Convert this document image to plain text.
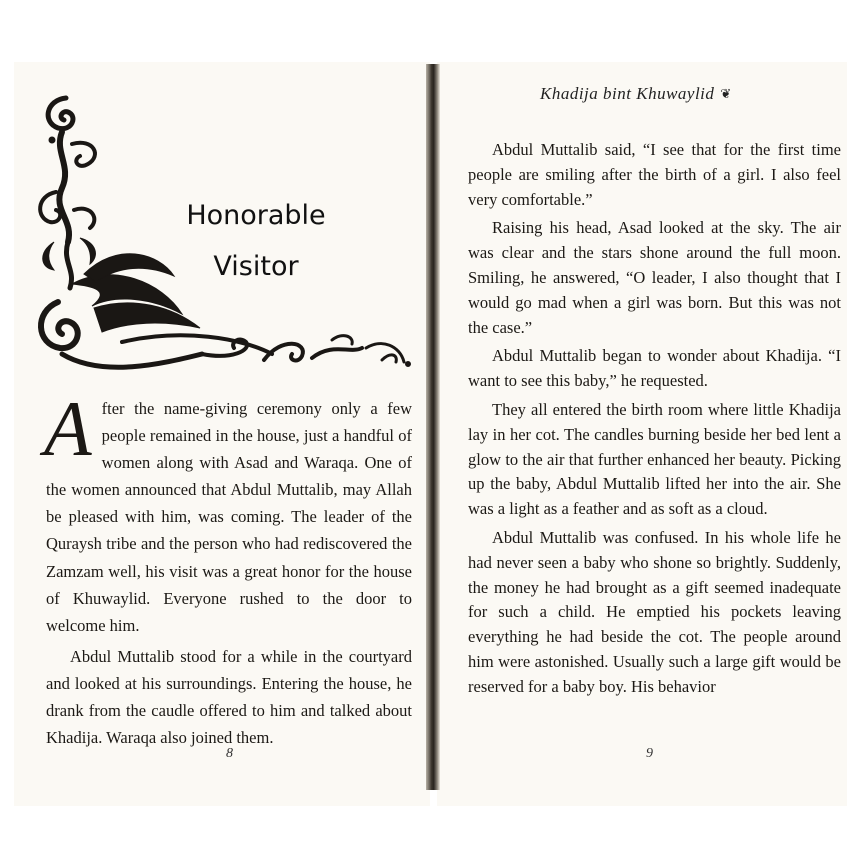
Honorable
Visitor

After the name-giving ceremony only a few people remained in the house, just a handful of women along with Asad and Waraqa. One of the women announced that Abdul Muttalib, may Allah be pleased with him, was coming. The leader of the Quraysh tribe and the person who had rediscovered the Zamzam well, his visit was a great honor for the house of Khuwaylid. Everyone rushed to the door to welcome him.

Abdul Muttalib stood for a while in the courtyard and looked at his surroundings. Entering the house, he drank from the caudle offered to him and talked about Khadija. Waraqa also joined them.

8
Khadija bint Khuwaylid ❦

Abdul Muttalib said, “I see that for the first time people are smiling after the birth of a girl. I also feel very comfortable.”

Raising his head, Asad looked at the sky. The air was clear and the stars shone around the full moon. Smiling, he answered, “O leader, I also thought that I would go mad when a girl was born. But this was not the case.”

Abdul Muttalib began to wonder about Khadija. “I want to see this baby,” he requested.

They all entered the birth room where little Khadija lay in her cot. The candles burning beside her bed lent a glow to the air that further enhanced her beauty. Picking up the baby, Abdul Muttalib lifted her into the air. She was a light as a feather and as soft as a cloud.

Abdul Muttalib was confused. In his whole life he had never seen a baby who shone so brightly. Suddenly, the money he had brought as a gift seemed inadequate for such a child. He emptied his pockets leaving everything he had beside the cot. The people around him were astonished. Usually such a large gift would be reserved for a baby boy. His behavior

9
